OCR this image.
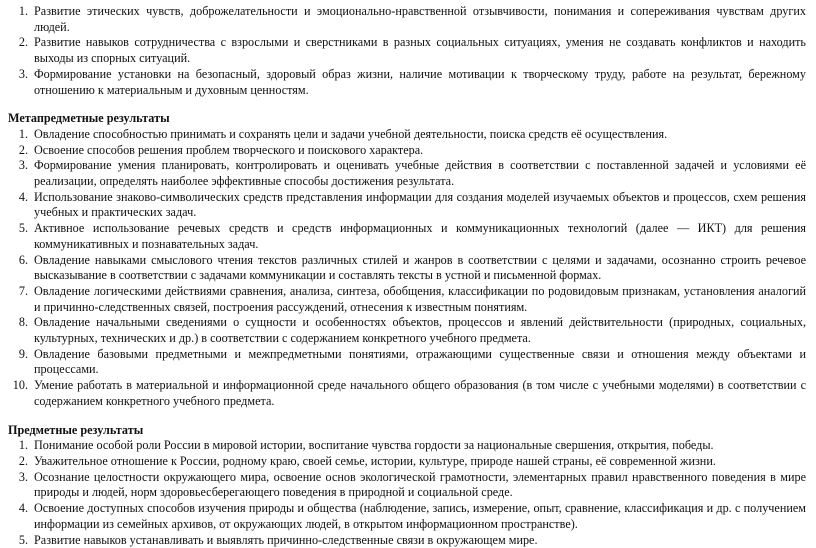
1. Развитие этических чувств, доброжелательности и эмоционально-нравственной отзывчивости, понимания и сопереживания чувствам других людей.
2. Развитие навыков сотрудничества с взрослыми и сверстниками в разных социальных ситуациях, умения не создавать конфликтов и находить выходы из спорных ситуаций.
3. Формирование установки на безопасный, здоровый образ жизни, наличие мотивации к творческому труду, работе на результат, бережному отношению к материальным и духовным ценностям.
Метапредметные результаты
1. Овладение способностью принимать и сохранять цели и задачи учебной деятельности, поиска средств её осуществления.
2. Освоение способов решения проблем творческого и поискового характера.
3. Формирование умения планировать, контролировать и оценивать учебные действия в соответствии с поставленной задачей и условиями её реализации, определять наиболее эффективные способы достижения результата.
4. Использование знаково-символических средств представления информации для создания моделей изучаемых объектов и процессов, схем решения учебных и практических задач.
5. Активное использование речевых средств и средств информационных и коммуникационных технологий (далее — ИКТ) для решения коммуникативных и познавательных задач.
6. Овладение навыками смыслового чтения текстов различных стилей и жанров в соответствии с целями и задачами, осознанно строить речевое высказывание в соответствии с задачами коммуникации и составлять тексты в устной и письменной формах.
7. Овладение логическими действиями сравнения, анализа, синтеза, обобщения, классификации по родовидовым признакам, установления аналогий и причинно-следственных связей, построения рассуждений, отнесения к известным понятиям.
8. Овладение начальными сведениями о сущности и особенностях объектов, процессов и явлений действительности (природных, социальных, культурных, технических и др.) в соответствии с содержанием конкретного учебного предмета.
9. Овладение базовыми предметными и межпредметными понятиями, отражающими существенные связи и отношения между объектами и процессами.
10. Умение работать в материальной и информационной среде начального общего образования (в том числе с учебными моделями) в соответствии с содержанием конкретного учебного предмета.
Предметные результаты
1. Понимание особой роли России в мировой истории, воспитание чувства гордости за национальные свершения, открытия, победы.
2. Уважительное отношение к России, родному краю, своей семье, истории, культуре, природе нашей страны, её современной жизни.
3. Осознание целостности окружающего мира, освоение основ экологической грамотности, элементарных правил нравственного поведения в мире природы и людей, норм здоровьесберегающего поведения в природной и социальной среде.
4. Освоение доступных способов изучения природы и общества (наблюдение, запись, измерение, опыт, сравнение, классификация и др. с получением информации из семейных архивов, от окружающих людей, в открытом информационном пространстве).
5. Развитие навыков устанавливать и выявлять причинно-следственные связи в окружающем мире.
